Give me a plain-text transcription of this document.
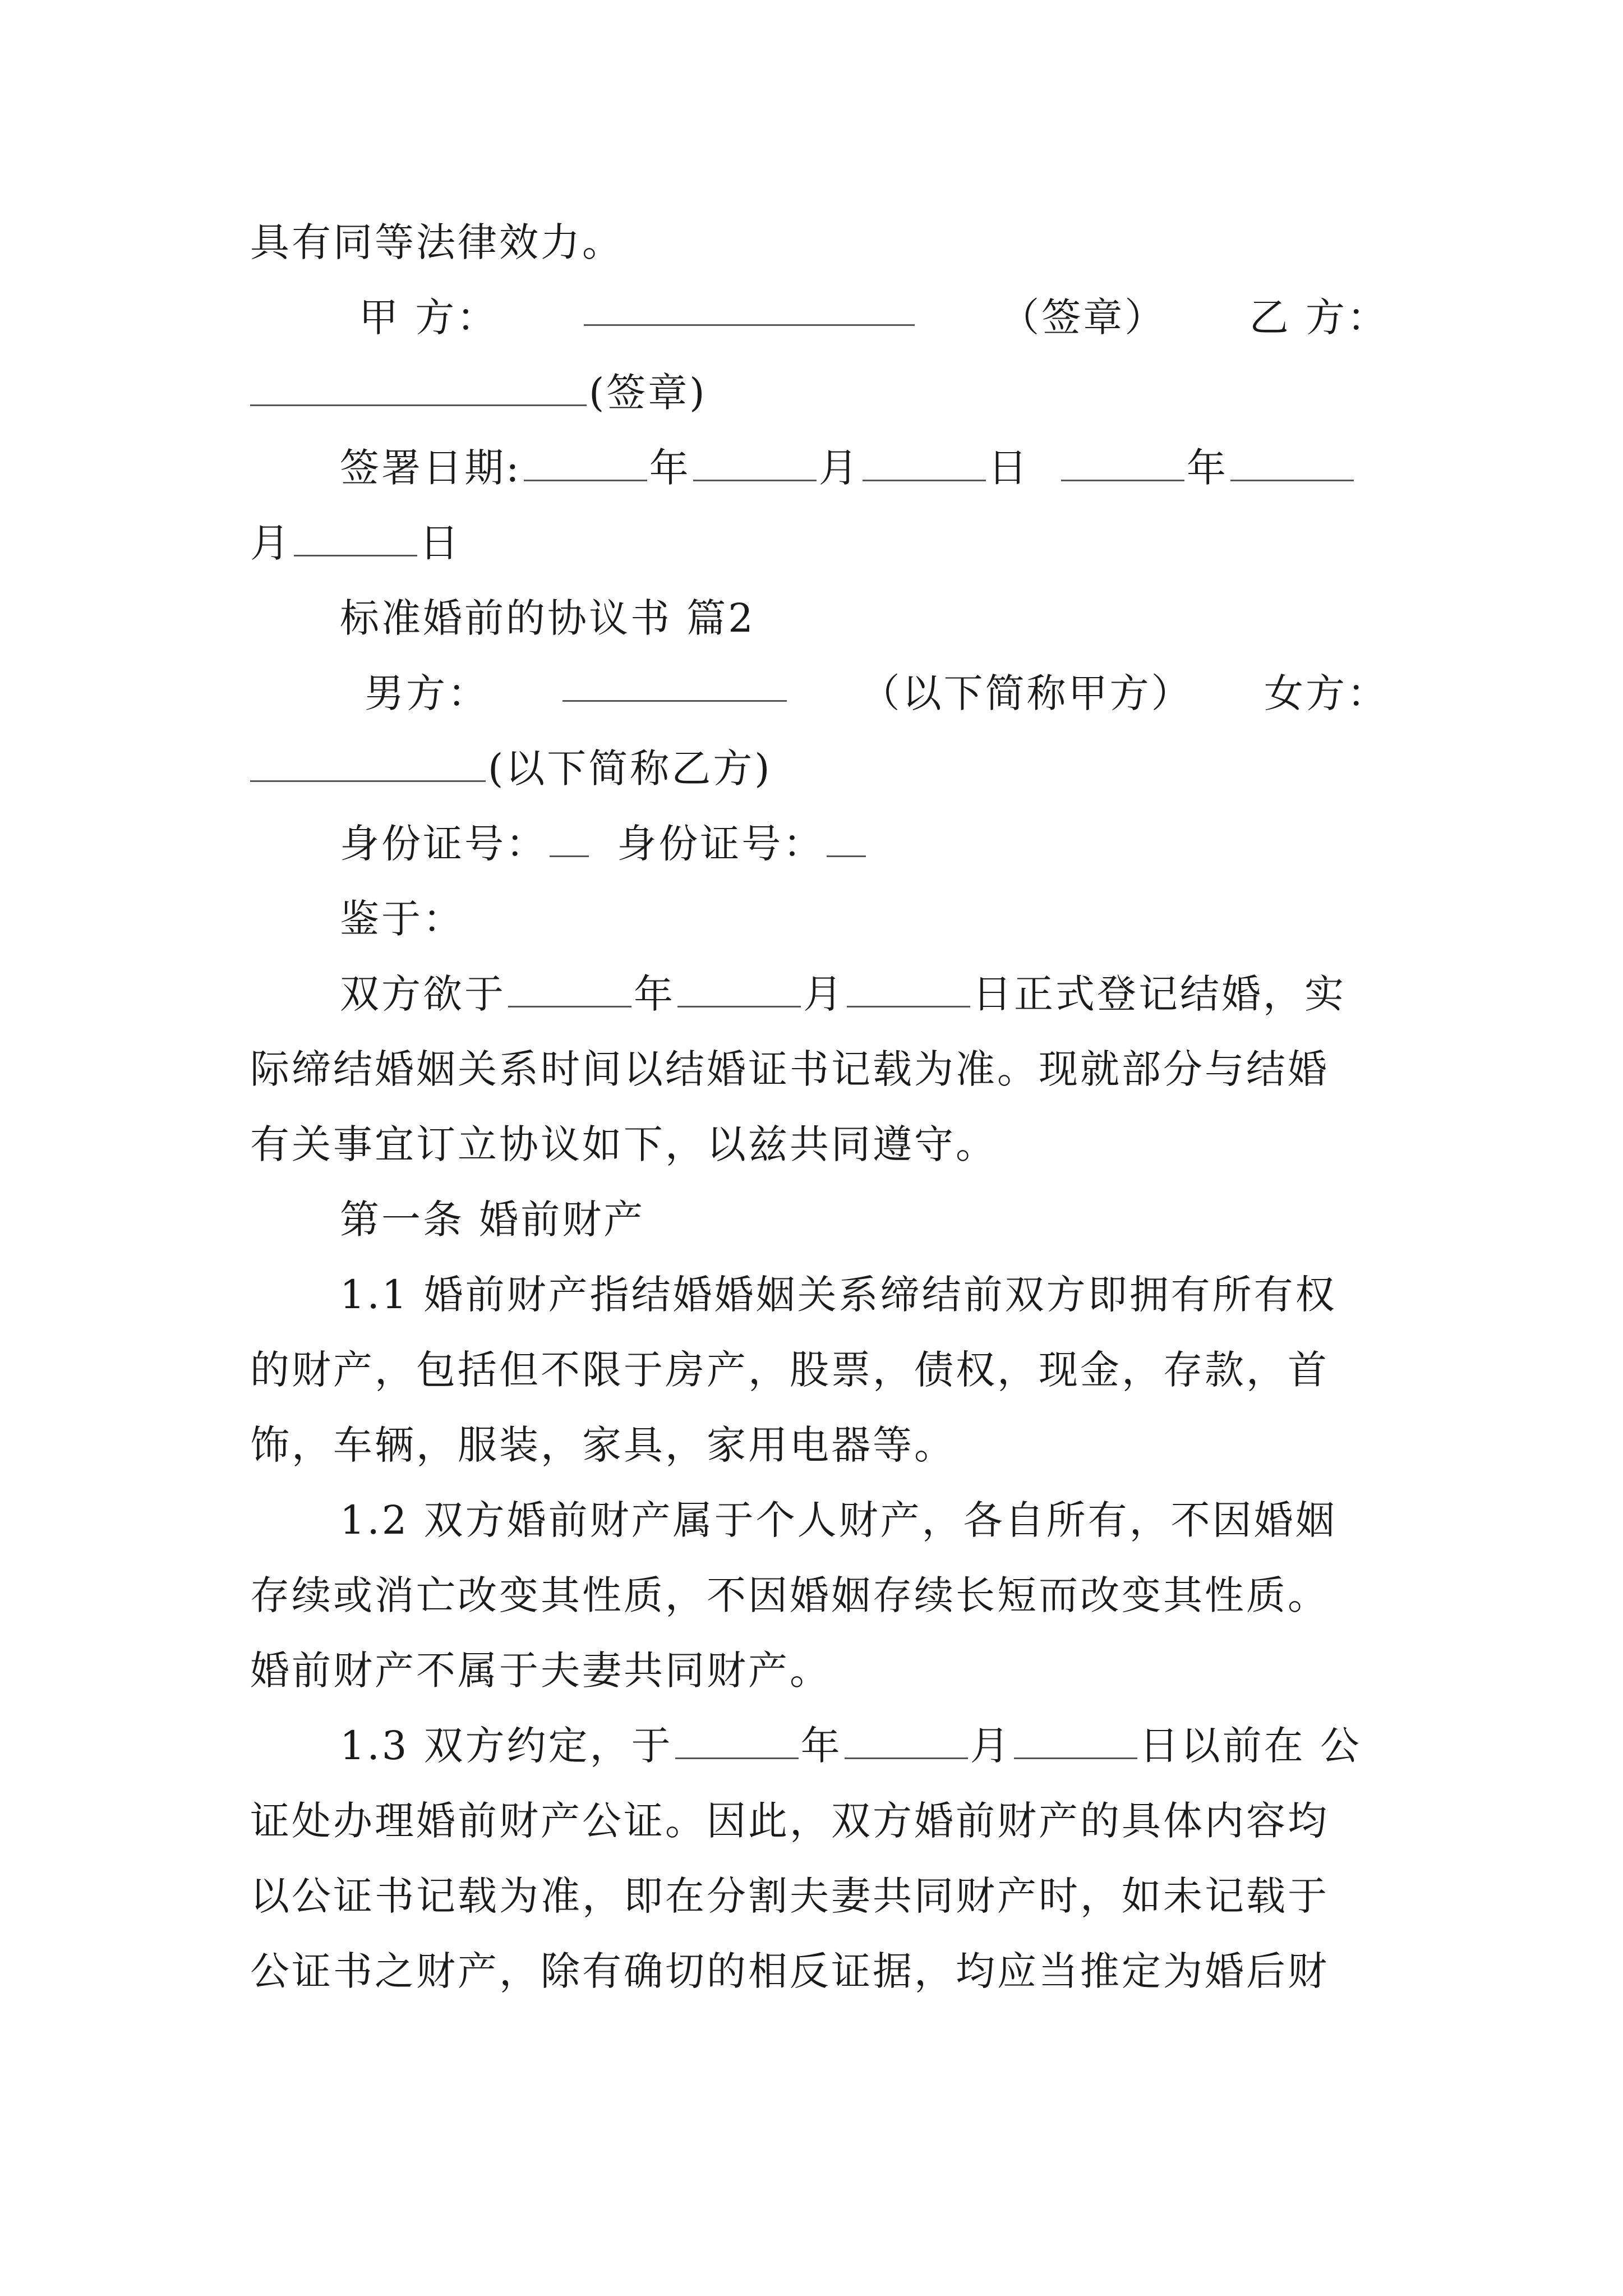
具有同等法律效力。
甲 方：	（签章） 乙 方：
(签章)
签署日期:	年	月	日	年
月	日
标准婚前的协议书 篇2
男方：	（以下简称甲方） 女方：
(以下简称乙方)
身份证号： 身份证号：
鉴于：
双方欲于	年	月	日正式登记结婚，实
际缔结婚姻关系时间以结婚证书记载为准。现就部分与结婚
有关事宜订立协议如下，以兹共同遵守。
第一条 婚前财产
1.1 婚前财产指结婚婚姻关系缔结前双方即拥有所有权
的财产，包括但不限于房产，股票，债权，现金，存款，首
饰，车辆，服装，家具，家用电器等。
1.2 双方婚前财产属于个人财产，各自所有，不因婚姻
存续或消亡改变其性质，不因婚姻存续长短而改变其性质。
婚前财产不属于夫妻共同财产。
1.3 双方约定，于	年	月	日以前在 公
证处办理婚前财产公证。因此，双方婚前财产的具体内容均
以公证书记载为准，即在分割夫妻共同财产时，如未记载于
公证书之财产，除有确切的相反证据，均应当推定为婚后财
